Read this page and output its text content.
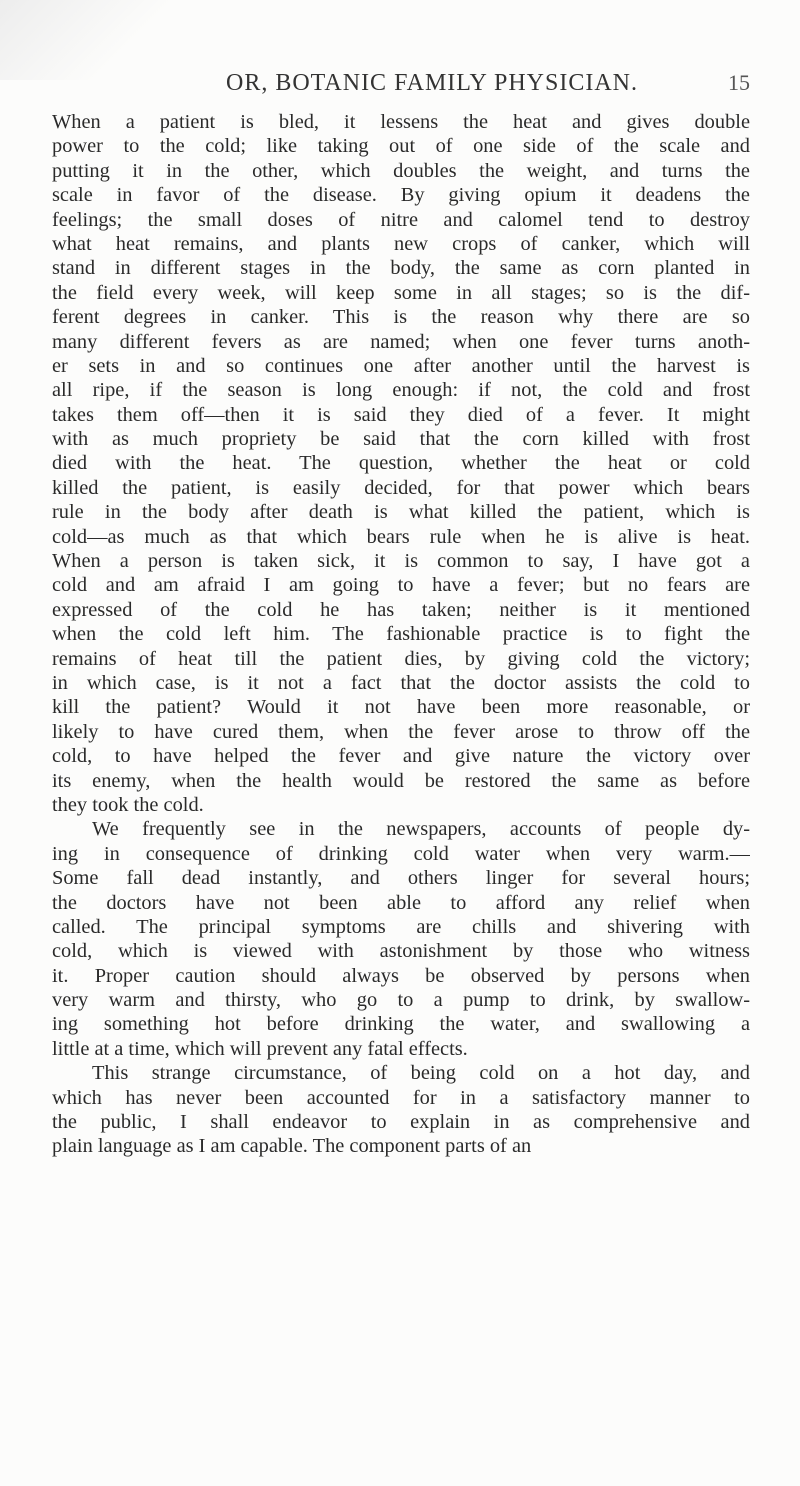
OR, BOTANIC FAMILY PHYSICIAN.	15
When a patient is bled, it lessens the heat and gives double
power to the cold; like taking out of one side of the scale and
putting it in the other, which doubles the weight, and turns the
scale in favor of the disease. By giving opium it deadens the
feelings; the small doses of nitre and calomel tend to destroy
what heat remains, and plants new crops of canker, which will
stand in different stages in the body, the same as corn planted in
the field every week, will keep some in all stages; so is the dif-
ferent degrees in canker. This is the reason why there are so
many different fevers as are named; when one fever turns anoth-
er sets in and so continues one after another until the harvest is
all ripe, if the season is long enough: if not, the cold and frost
takes them off—then it is said they died of a fever. It might
with as much propriety be said that the corn killed with frost
died with the heat. The question, whether the heat or cold
killed the patient, is easily decided, for that power which bears
rule in the body after death is what killed the patient, which is
cold—as much as that which bears rule when he is alive is heat.
When a person is taken sick, it is common to say, I have got a
cold and am afraid I am going to have a fever; but no fears are
expressed of the cold he has taken; neither is it mentioned
when the cold left him. The fashionable practice is to fight the
remains of heat till the patient dies, by giving cold the victory;
in which case, is it not a fact that the doctor assists the cold to
kill the patient? Would it not have been more reasonable, or
likely to have cured them, when the fever arose to throw off the
cold, to have helped the fever and give nature the victory over
its enemy, when the health would be restored the same as before
they took the cold.
We frequently see in the newspapers, accounts of people dy-
ing in consequence of drinking cold water when very warm.—
Some fall dead instantly, and others linger for several hours;
the doctors have not been able to afford any relief when
called. The principal symptoms are chills and shivering with
cold, which is viewed with astonishment by those who witness
it. Proper caution should always be observed by persons when
very warm and thirsty, who go to a pump to drink, by swallow-
ing something hot before drinking the water, and swallowing a
little at a time, which will prevent any fatal effects.
This strange circumstance, of being cold on a hot day, and
which has never been accounted for in a satisfactory manner to
the public, I shall endeavor to explain in as comprehensive and
plain language as I am capable. The component parts of an
